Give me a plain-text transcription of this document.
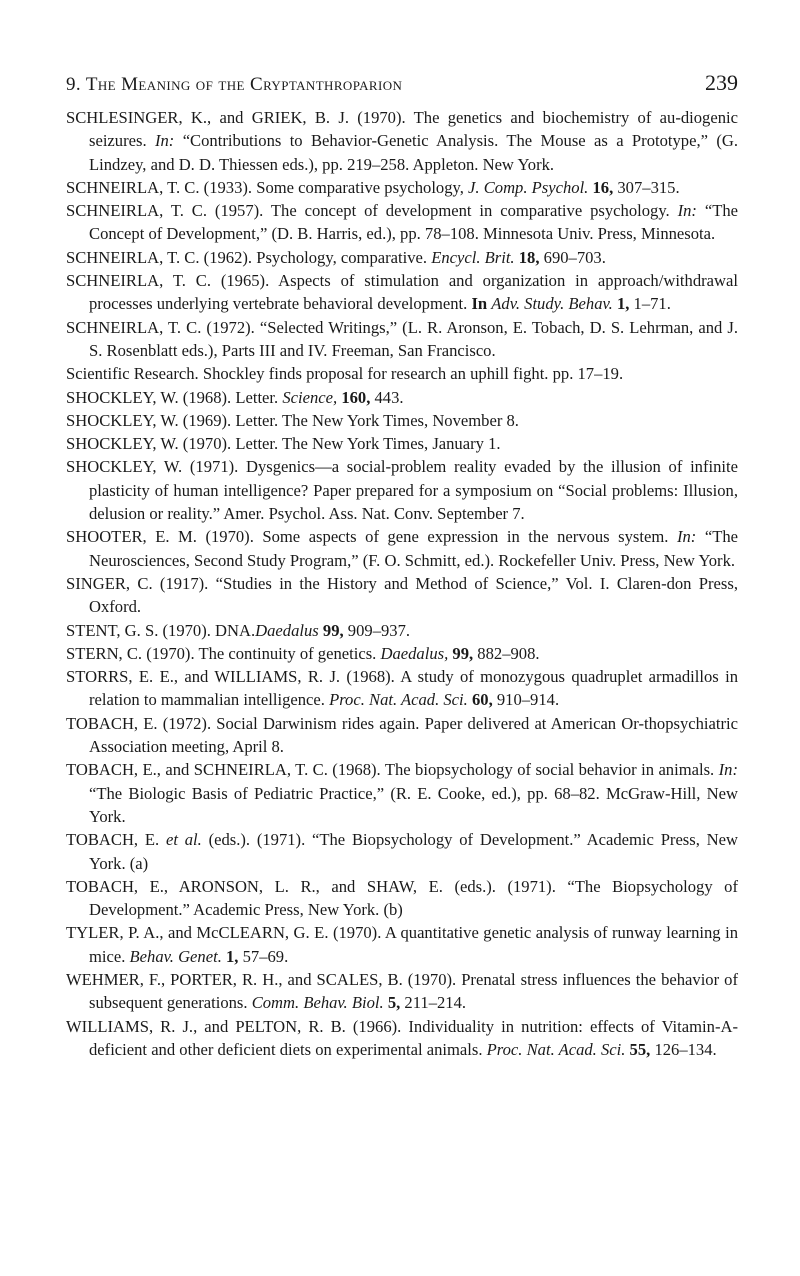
9. The Meaning of the Cryptanthroparion	239

SCHLESINGER, K., and GRIEK, B. J. (1970). The genetics and biochemistry of au-diogenic seizures. In: “Contributions to Behavior-Genetic Analysis. The Mouse as a Prototype,” (G. Lindzey, and D. D. Thiessen eds.), pp. 219–258. Appleton. New York.

SCHNEIRLA, T. C. (1933). Some comparative psychology, J. Comp. Psychol. 16, 307–315.

SCHNEIRLA, T. C. (1957). The concept of development in comparative psychology. In: “The Concept of Development,” (D. B. Harris, ed.), pp. 78–108. Minnesota Univ. Press, Minnesota.

SCHNEIRLA, T. C. (1962). Psychology, comparative. Encycl. Brit. 18, 690–703.

SCHNEIRLA, T. C. (1965). Aspects of stimulation and organization in approach/withdrawal processes underlying vertebrate behavioral development. In Adv. Study. Behav. 1, 1–71.

SCHNEIRLA, T. C. (1972). “Selected Writings,” (L. R. Aronson, E. Tobach, D. S. Lehrman, and J. S. Rosenblatt eds.), Parts III and IV. Freeman, San Francisco.

Scientific Research. Shockley finds proposal for research an uphill fight. pp. 17–19.

SHOCKLEY, W. (1968). Letter. Science, 160, 443.

SHOCKLEY, W. (1969). Letter. The New York Times, November 8.

SHOCKLEY, W. (1970). Letter. The New York Times, January 1.

SHOCKLEY, W. (1971). Dysgenics—a social-problem reality evaded by the illusion of infinite plasticity of human intelligence? Paper prepared for a symposium on “Social problems: Illusion, delusion or reality.” Amer. Psychol. Ass. Nat. Conv. September 7.

SHOOTER, E. M. (1970). Some aspects of gene expression in the nervous system. In: “The Neurosciences, Second Study Program,” (F. O. Schmitt, ed.). Rockefeller Univ. Press, New York.

SINGER, C. (1917). “Studies in the History and Method of Science,” Vol. I. Claren-don Press, Oxford.

STENT, G. S. (1970). DNA.Daedalus 99, 909–937.

STERN, C. (1970). The continuity of genetics. Daedalus, 99, 882–908.

STORRS, E. E., and WILLIAMS, R. J. (1968). A study of monozygous quadruplet armadillos in relation to mammalian intelligence. Proc. Nat. Acad. Sci. 60, 910–914.

TOBACH, E. (1972). Social Darwinism rides again. Paper delivered at American Or-thopsychiatric Association meeting, April 8.

TOBACH, E., and SCHNEIRLA, T. C. (1968). The biopsychology of social behavior in animals. In: “The Biologic Basis of Pediatric Practice,” (R. E. Cooke, ed.), pp. 68–82. McGraw-Hill, New York.

TOBACH, E. et al. (eds.). (1971). “The Biopsychology of Development.” Academic Press, New York. (a)

TOBACH, E., ARONSON, L. R., and SHAW, E. (eds.). (1971). “The Biopsychology of Development.” Academic Press, New York. (b)

TYLER, P. A., and McCLEARN, G. E. (1970). A quantitative genetic analysis of runway learning in mice. Behav. Genet. 1, 57–69.

WEHMER, F., PORTER, R. H., and SCALES, B. (1970). Prenatal stress influences the behavior of subsequent generations. Comm. Behav. Biol. 5, 211–214.

WILLIAMS, R. J., and PELTON, R. B. (1966). Individuality in nutrition: effects of Vitamin-A-deficient and other deficient diets on experimental animals. Proc. Nat. Acad. Sci. 55, 126–134.
